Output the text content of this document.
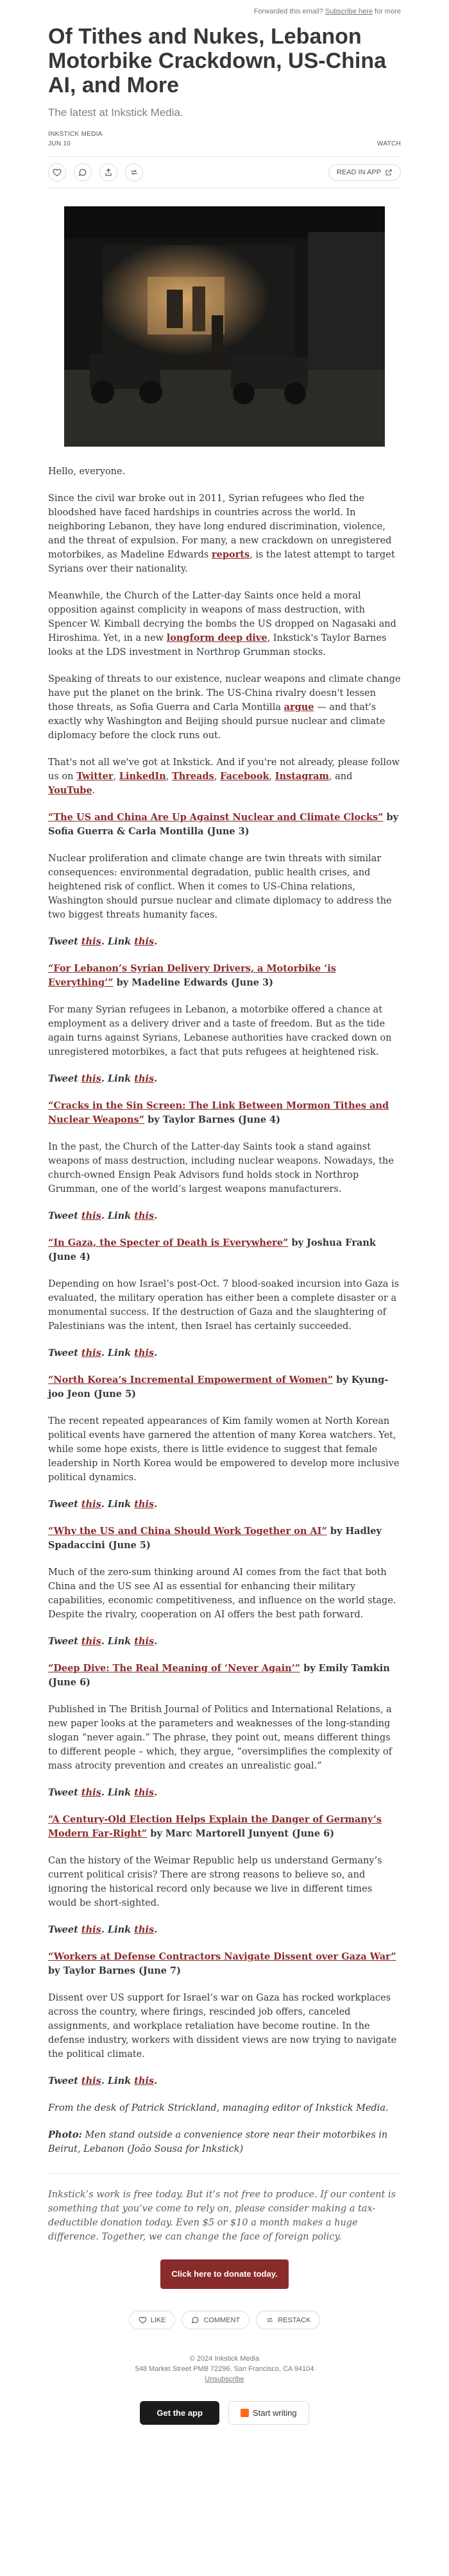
Forwarded this email? Subscribe here for more
Of Tithes and Nukes, Lebanon Motorbike Crackdown, US-China AI, and More
The latest at Inkstick Media.
INKSTICK MEDIA
JUN 10	WATCH
READ IN APP

Hello, everyone.

Since the civil war broke out in 2011, Syrian refugees who fled the bloodshed have faced hardships in countries across the world. In neighboring Lebanon, they have long endured discrimination, violence, and the threat of expulsion. For many, a new crackdown on unregistered motorbikes, as Madeline Edwards reports, is the latest attempt to target Syrians over their nationality.

Meanwhile, the Church of the Latter-day Saints once held a moral opposition against complicity in weapons of mass destruction, with Spencer W. Kimball decrying the bombs the US dropped on Nagasaki and Hiroshima. Yet, in a new longform deep dive, Inkstick's Taylor Barnes looks at the LDS investment in Northrop Grumman stocks.

Speaking of threats to our existence, nuclear weapons and climate change have put the planet on the brink. The US-China rivalry doesn't lessen those threats, as Sofia Guerra and Carla Montilla argue — and that's exactly why Washington and Beijing should pursue nuclear and climate diplomacy before the clock runs out.

That's not all we've got at Inkstick. And if you're not already, please follow us on Twitter, LinkedIn, Threads, Facebook, Instagram, and YouTube.

“The US and China Are Up Against Nuclear and Climate Clocks” by Sofia Guerra & Carla Montilla (June 3)

Nuclear proliferation and climate change are twin threats with similar consequences: environmental degradation, public health crises, and heightened risk of conflict. When it comes to US-China relations, Washington should pursue nuclear and climate diplomacy to address the two biggest threats humanity faces.

Tweet this. Link this.

“For Lebanon’s Syrian Delivery Drivers, a Motorbike ‘is Everything’” by Madeline Edwards (June 3)

For many Syrian refugees in Lebanon, a motorbike offered a chance at employment as a delivery driver and a taste of freedom. But as the tide again turns against Syrians, Lebanese authorities have cracked down on unregistered motorbikes, a fact that puts refugees at heightened risk.

Tweet this. Link this.

“Cracks in the Sin Screen: The Link Between Mormon Tithes and Nuclear Weapons” by Taylor Barnes (June 4)

In the past, the Church of the Latter-day Saints took a stand against weapons of mass destruction, including nuclear weapons. Nowadays, the church-owned Ensign Peak Advisors fund holds stock in Northrop Grumman, one of the world’s largest weapons manufacturers.

Tweet this. Link this.

“In Gaza, the Specter of Death is Everywhere” by Joshua Frank (June 4)

Depending on how Israel’s post-Oct. 7 blood-soaked incursion into Gaza is evaluated, the military operation has either been a complete disaster or a monumental success. If the destruction of Gaza and the slaughtering of Palestinians was the intent, then Israel has certainly succeeded.

Tweet this. Link this.

“North Korea’s Incremental Empowerment of Women” by Kyung-joo Jeon (June 5)

The recent repeated appearances of Kim family women at North Korean political events have garnered the attention of many Korea watchers. Yet, while some hope exists, there is little evidence to suggest that female leadership in North Korea would be empowered to develop more inclusive political dynamics.

Tweet this. Link this.

“Why the US and China Should Work Together on AI” by Hadley Spadaccini (June 5)

Much of the zero-sum thinking around AI comes from the fact that both China and the US see AI as essential for enhancing their military capabilities, economic competitiveness, and influence on the world stage. Despite the rivalry, cooperation on AI offers the best path forward.

Tweet this. Link this.

“Deep Dive: The Real Meaning of ‘Never Again’” by Emily Tamkin (June 6)

Published in The British Journal of Politics and International Relations, a new paper looks at the parameters and weaknesses of the long-standing slogan “never again.” The phrase, they point out, means different things to different people – which, they argue, “oversimplifies the complexity of mass atrocity prevention and creates an unrealistic goal.”

Tweet this. Link this.

“A Century-Old Election Helps Explain the Danger of Germany’s Modern Far-Right” by Marc Martorell Junyent (June 6)

Can the history of the Weimar Republic help us understand Germany’s current political crisis? There are strong reasons to believe so, and ignoring the historical record only because we live in different times would be short-sighted.

Tweet this. Link this.

“Workers at Defense Contractors Navigate Dissent over Gaza War” by Taylor Barnes (June 7)

Dissent over US support for Israel’s war on Gaza has rocked workplaces across the country, where firings, rescinded job offers, canceled assignments, and workplace retaliation have become routine. In the defense industry, workers with dissident views are now trying to navigate the political climate.

Tweet this. Link this.

From the desk of Patrick Strickland, managing editor of Inkstick Media.

Photo: Men stand outside a convenience store near their motorbikes in Beirut, Lebanon (João Sousa for Inkstick)

Inkstick’s work is free today. But it’s not free to produce. If our content is something that you’ve come to rely on, please consider making a tax-deductible donation today. Even $5 or $10 a month makes a huge difference. Together, we can change the face of foreign policy.

Click here to donate today.
LIKE	COMMENT	RESTACK
© 2024 Inkstick Media
548 Market Street PMB 72296, San Francisco, CA 94104
Unsubscribe
Get the app	Start writing
